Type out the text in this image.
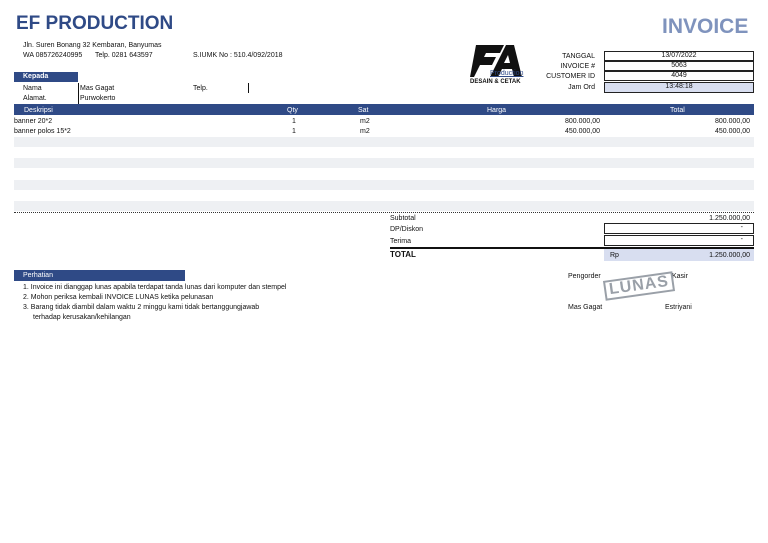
EF PRODUCTION	INVOICE
Jln. Suren Bonang 32 Kembaran, Banyumas
WA 085726240995 Telp. 0281 643597	S.IUMK No : 510.4/092/2018
Production
DESAIN & CETAK
TANGGAL	13/07/2022
INVOICE #	5063
CUSTOMER ID	4049
Jam Ord	13:48:18
Kepada
Nama	Mas Gagat	Telp.
Alamat.	Purwokerto
Deskripsi	Qty	Sat	Harga	Total
banner 20*2	1	m2	800.000,00	800.000,00
banner polos 15*2	1	m2	450.000,00	450.000,00
Subtotal	1.250.000,00
DP/Diskon	-
Terima	-
TOTAL	Rp	1.250.000,00
Perhatian
1. Invoice ini dianggap lunas apabila terdapat tanda lunas dari komputer dan stempel
2. Mohon periksa kembali INVOICE LUNAS ketika pelunasan
3. Barang tidak diambil dalam waktu 2 minggu kami tidak bertanggungjawab
terhadap kerusakan/kehilangan
Pengorder	Kasir
LUNAS
Mas Gagat	Estriyani
